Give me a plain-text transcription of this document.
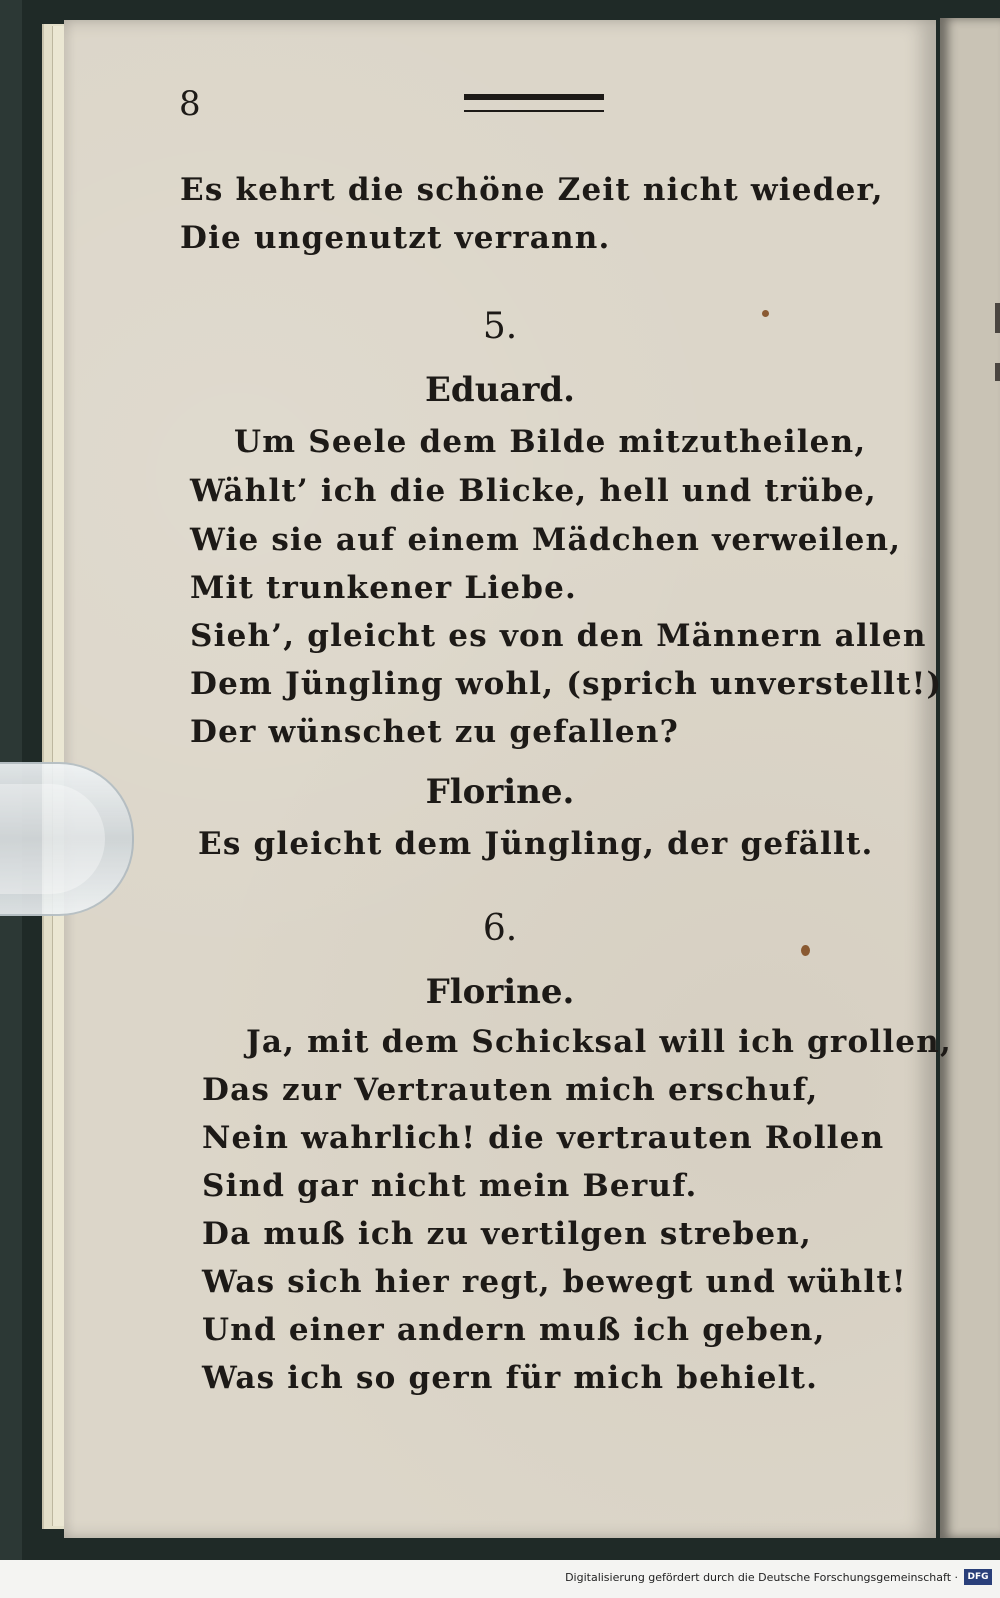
8
Es kehrt die schöne Zeit nicht wieder,
Die ungenutzt verrann.
5.
Eduard.
Um Seele dem Bilde mitzutheilen,
Wählt’ ich die Blicke, hell und trübe,
Wie sie auf einem Mädchen verweilen,
Mit trunkener Liebe.
Sieh’, gleicht es von den Männern allen
Dem Jüngling wohl, (sprich unverstellt!)
Der wünschet zu gefallen?
Florine.
Es gleicht dem Jüngling, der gefällt.
6.
Florine.
Ja, mit dem Schicksal will ich grollen,
Das zur Vertrauten mich erschuf,
Nein wahrlich! die vertrauten Rollen
Sind gar nicht mein Beruf.
Da muß ich zu vertilgen streben,
Was sich hier regt, bewegt und wühlt!
Und einer andern muß ich geben,
Was ich so gern für mich behielt.
Digitalisierung gefördert durch die Deutsche Forschungsgemeinschaft ·	DFG
